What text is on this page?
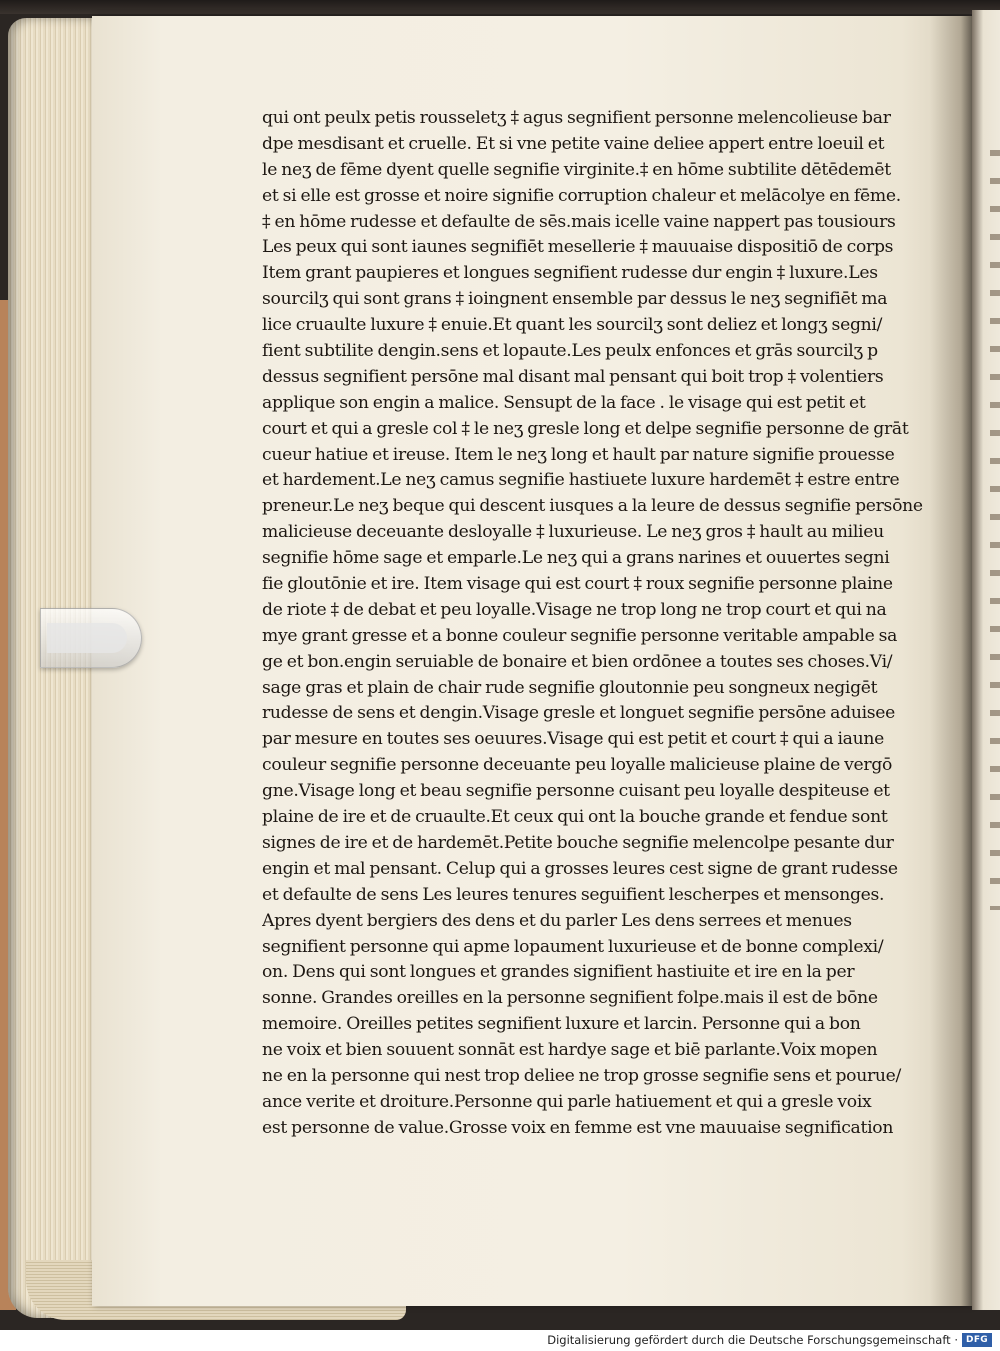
qui ont peulx petis rousseletʒ ‡ agus segnifient personne melencolieuse bar
dpe mesdisant et cruelle. Et si vne petite vaine deliee appert entre loeuil et
le neʒ de fēme dyent quelle segnifie virginite.‡ en hōme subtilite dētēdemēt
et si elle est grosse et noire signifie corruption chaleur et melācolye en fēme.
‡ en hōme rudesse et defaulte de sēs.mais icelle vaine nappert pas tousiours
Les peux qui sont iaunes segnifiēt mesellerie ‡ mauuaise dispositiō de corps
Item grant paupieres et longues segnifient rudesse dur engin ‡ luxure.Les
sourcilʒ qui sont grans ‡ ioingnent ensemble par dessus le neʒ segnifiēt ma
lice cruaulte luxure ‡ enuie.Et quant les sourcilʒ sont deliez et longʒ segni/
fient subtilite dengin.sens et lopaute.Les peulx enfonces et grās sourcilʒ p
dessus segnifient persōne mal disant mal pensant qui boit trop ‡ volentiers
applique son engin a malice. Sensupt de la face . le visage qui est petit et
court et qui a gresle col ‡ le neʒ gresle long et delpe segnifie personne de grāt
cueur hatiue et ireuse. Item le neʒ long et hault par nature signifie prouesse
et hardement.Le neʒ camus segnifie hastiuete luxure hardemēt ‡ estre entre
preneur.Le neʒ beque qui descent iusques a la leure de dessus segnifie persōne
malicieuse deceuante desloyalle ‡ luxurieuse. Le neʒ gros ‡ hault au milieu
segnifie hōme sage et emparle.Le neʒ qui a grans narines et ouuertes segni
fie gloutōnie et ire. Item visage qui est court ‡ roux segnifie personne plaine
de riote ‡ de debat et peu loyalle.Visage ne trop long ne trop court et qui na
mye grant gresse et a bonne couleur segnifie personne veritable ampable sa
ge et bon.engin seruiable de bonaire et bien ordōnee a toutes ses choses.Vi/
sage gras et plain de chair rude segnifie gloutonnie peu songneux negigēt
rudesse de sens et dengin.Visage gresle et longuet segnifie persōne aduisee
par mesure en toutes ses oeuures.Visage qui est petit et court ‡ qui a iaune
couleur segnifie personne deceuante peu loyalle malicieuse plaine de vergō
gne.Visage long et beau segnifie personne cuisant peu loyalle despiteuse et
plaine de ire et de cruaulte.Et ceux qui ont la bouche grande et fendue sont
signes de ire et de hardemēt.Petite bouche segnifie melencolpe pesante dur
engin et mal pensant. Celup qui a grosses leures cest signe de grant rudesse
et defaulte de sens Les leures tenures seguifient lescherpes et mensonges.
Apres dyent bergiers des dens et du parler Les dens serrees et menues
segnifient personne qui apme lopaument luxurieuse et de bonne complexi/
on. Dens qui sont longues et grandes signifient hastiuite et ire en la per
sonne. Grandes oreilles en la personne segnifient folpe.mais il est de bōne
memoire. Oreilles petites segnifient luxure et larcin. Personne qui a bon
ne voix et bien souuent sonnāt est hardye sage et biē parlante.Voix mopen
ne en la personne qui nest trop deliee ne trop grosse segnifie sens et pourue/
ance verite et droiture.Personne qui parle hatiuement et qui a gresle voix
est personne de value.Grosse voix en femme est vne mauuaise segnification
Digitalisierung gefördert durch die Deutsche Forschungsgemeinschaft · DFG
